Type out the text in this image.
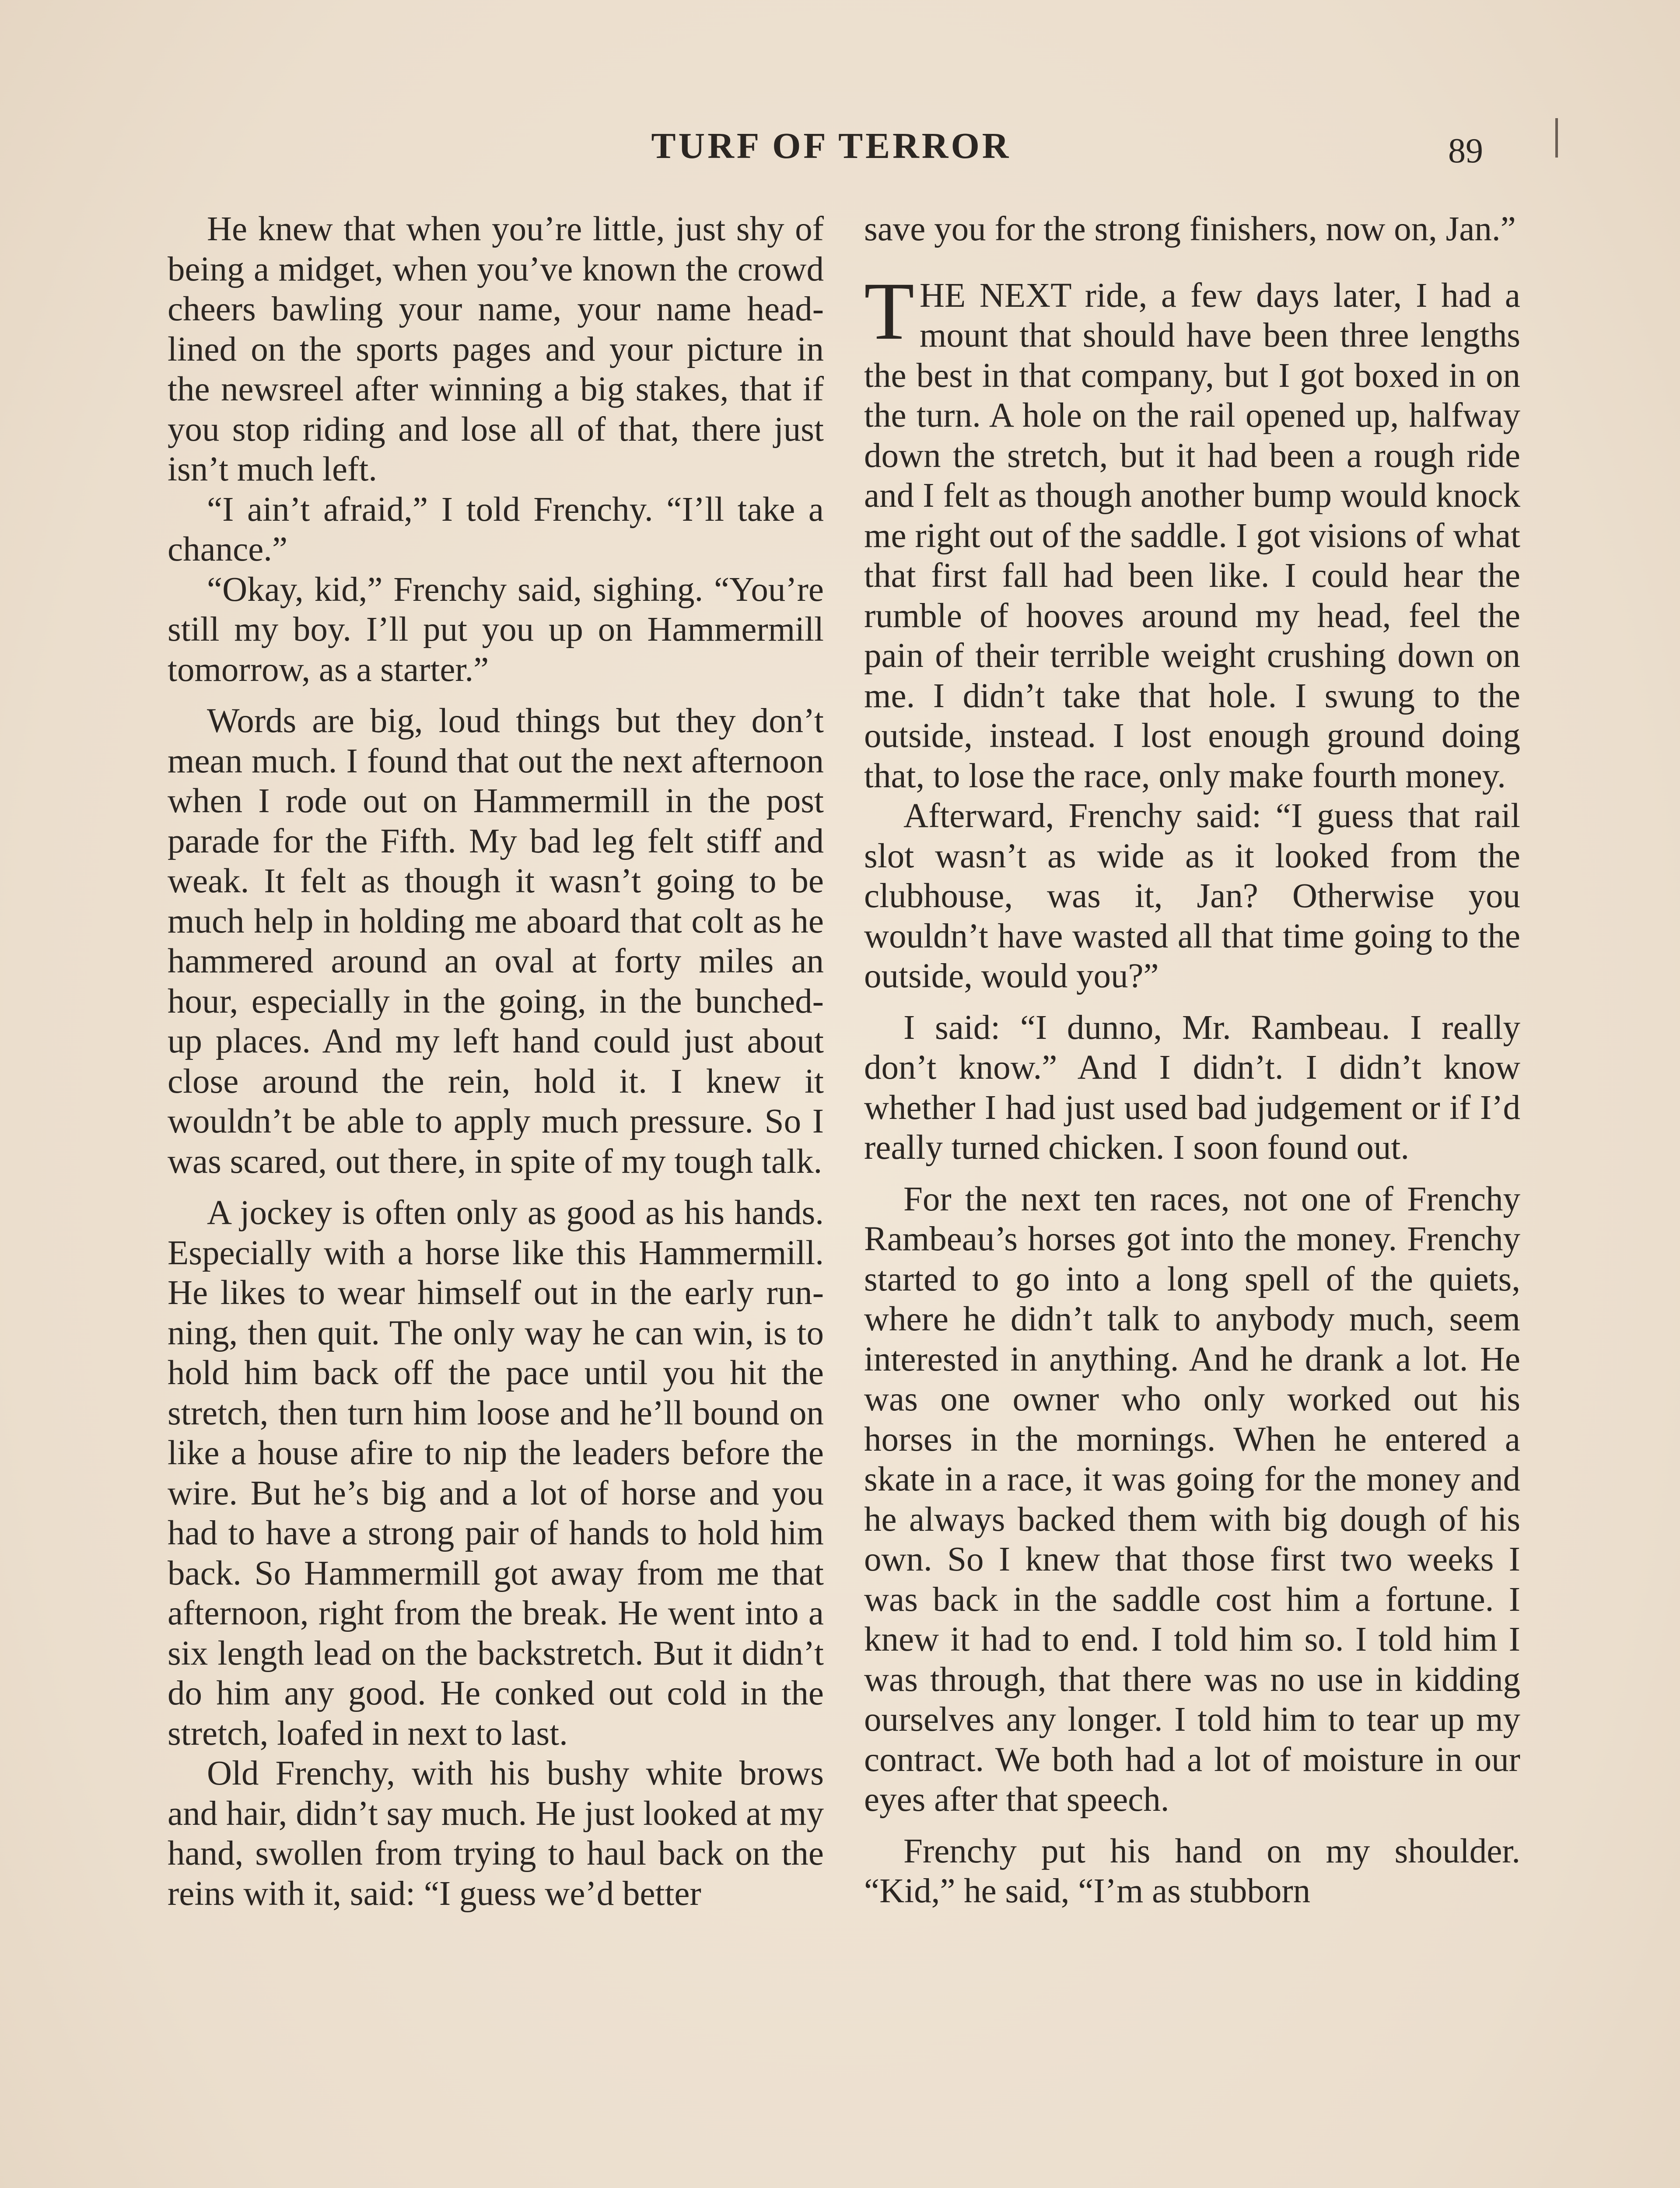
TURF OF TERROR	89

He knew that when you’re little, just shy of being a midget, when you’ve known the crowd cheers bawling your name, your name headlined on the sports pages and your picture in the newsreel after winning a big stakes, that if you stop riding and lose all of that, there just isn’t much left.

“I ain’t afraid,” I told Frenchy. “I’ll take a chance.”

“Okay, kid,” Frenchy said, sighing. “You’re still my boy. I’ll put you up on Hammermill tomorrow, as a starter.”

Words are big, loud things but they don’t mean much. I found that out the next afternoon when I rode out on Hammermill in the post parade for the Fifth. My bad leg felt stiff and weak. It felt as though it wasn’t going to be much help in holding me aboard that colt as he hammered around an oval at forty miles an hour, especially in the going, in the bunched-up places. And my left hand could just about close around the rein, hold it. I knew it wouldn’t be able to apply much pressure. So I was scared, out there, in spite of my tough talk.

A jockey is often only as good as his hands. Especially with a horse like this Hammermill. He likes to wear himself out in the early running, then quit. The only way he can win, is to hold him back off the pace until you hit the stretch, then turn him loose and he’ll bound on like a house afire to nip the leaders before the wire. But he’s big and a lot of horse and you had to have a strong pair of hands to hold him back. So Hammermill got away from me that afternoon, right from the break. He went into a six length lead on the backstretch. But it didn’t do him any good. He conked out cold in the stretch, loafed in next to last.

Old Frenchy, with his bushy white brows and hair, didn’t say much. He just looked at my hand, swollen from trying to haul back on the reins with it, said: “I guess we’d better

save you for the strong finishers, now on, Jan.”

THE NEXT ride, a few days later, I had a mount that should have been three lengths the best in that company, but I got boxed in on the turn. A hole on the rail opened up, halfway down the stretch, but it had been a rough ride and I felt as though another bump would knock me right out of the saddle. I got visions of what that first fall had been like. I could hear the rumble of hooves around my head, feel the pain of their terrible weight crushing down on me. I didn’t take that hole. I swung to the outside, instead. I lost enough ground doing that, to lose the race, only make fourth money.

Afterward, Frenchy said: “I guess that rail slot wasn’t as wide as it looked from the clubhouse, was it, Jan? Otherwise you wouldn’t have wasted all that time going to the outside, would you?”

I said: “I dunno, Mr. Rambeau. I really don’t know.” And I didn’t. I didn’t know whether I had just used bad judgement or if I’d really turned chicken. I soon found out.

For the next ten races, not one of Frenchy Rambeau’s horses got into the money. Frenchy started to go into a long spell of the quiets, where he didn’t talk to anybody much, seem interested in anything. And he drank a lot. He was one owner who only worked out his horses in the mornings. When he entered a skate in a race, it was going for the money and he always backed them with big dough of his own. So I knew that those first two weeks I was back in the saddle cost him a fortune. I knew it had to end. I told him so. I told him I was through, that there was no use in kidding ourselves any longer. I told him to tear up my contract. We both had a lot of moisture in our eyes after that speech.

Frenchy put his hand on my shoulder. “Kid,” he said, “I’m as stubborn
